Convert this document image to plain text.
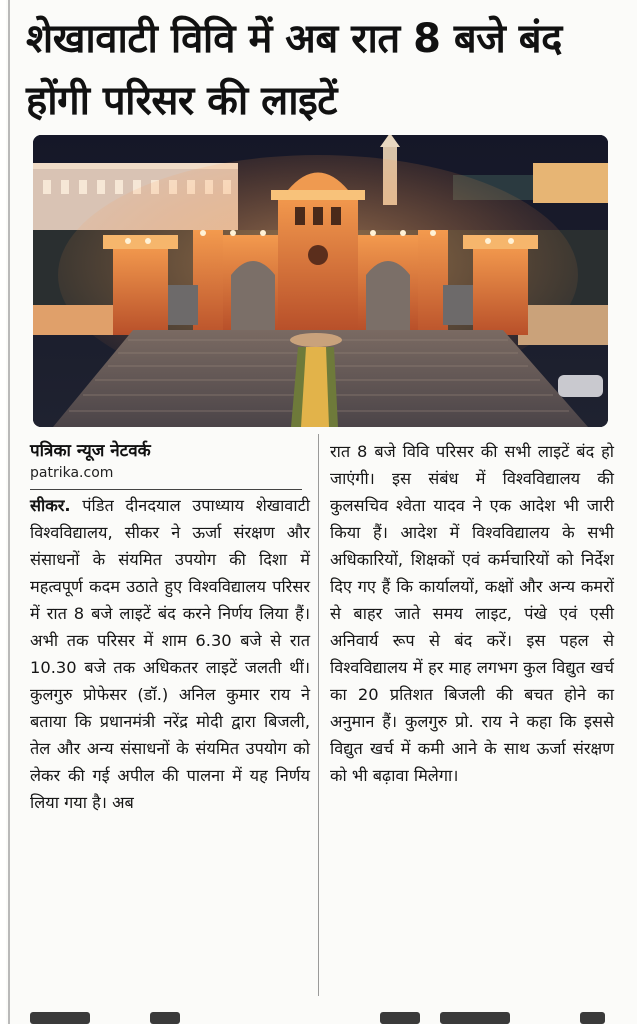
शेखावाटी विवि में अब रात 8 बजे बंद होंगी परिसर की लाइटें
पत्रिका न्यूज नेटवर्क
patrika.com

सीकर. पंडित दीनदयाल उपाध्याय शेखावाटी विश्वविद्यालय, सीकर ने ऊर्जा संरक्षण और संसाधनों के संयमित उपयोग की दिशा में महत्वपूर्ण कदम उठाते हुए विश्वविद्यालय परिसर में रात 8 बजे लाइटें बंद करने निर्णय लिया हैं। अभी तक परिसर में शाम 6.30 बजे से रात 10.30 बजे तक अधिकतर लाइटें जलती थीं। कुलगुरु प्रोफेसर (डॉ.) अनिल कुमार राय ने बताया कि प्रधानमंत्री नरेंद्र मोदी द्वारा बिजली, तेल और अन्य संसाधनों के संयमित उपयोग को लेकर की गई अपील की पालना में यह निर्णय लिया गया है। अब

रात 8 बजे विवि परिसर की सभी लाइटें बंद हो जाएंगी। इस संबंध में विश्वविद्यालय की कुलसचिव श्वेता यादव ने एक आदेश भी जारी किया हैं। आदेश में विश्वविद्यालय के सभी अधिकारियों, शिक्षकों एवं कर्मचारियों को निर्देश दिए गए हैं कि कार्यालयों, कक्षों और अन्य कमरों से बाहर जाते समय लाइट, पंखे एवं एसी अनिवार्य रूप से बंद करें। इस पहल से विश्वविद्यालय में हर माह लगभग कुल विद्युत खर्च का 20 प्रतिशत बिजली की बचत होने का अनुमान हैं। कुलगुरु प्रो. राय ने कहा कि इससे विद्युत खर्च में कमी आने के साथ ऊर्जा संरक्षण को भी बढ़ावा मिलेगा।
